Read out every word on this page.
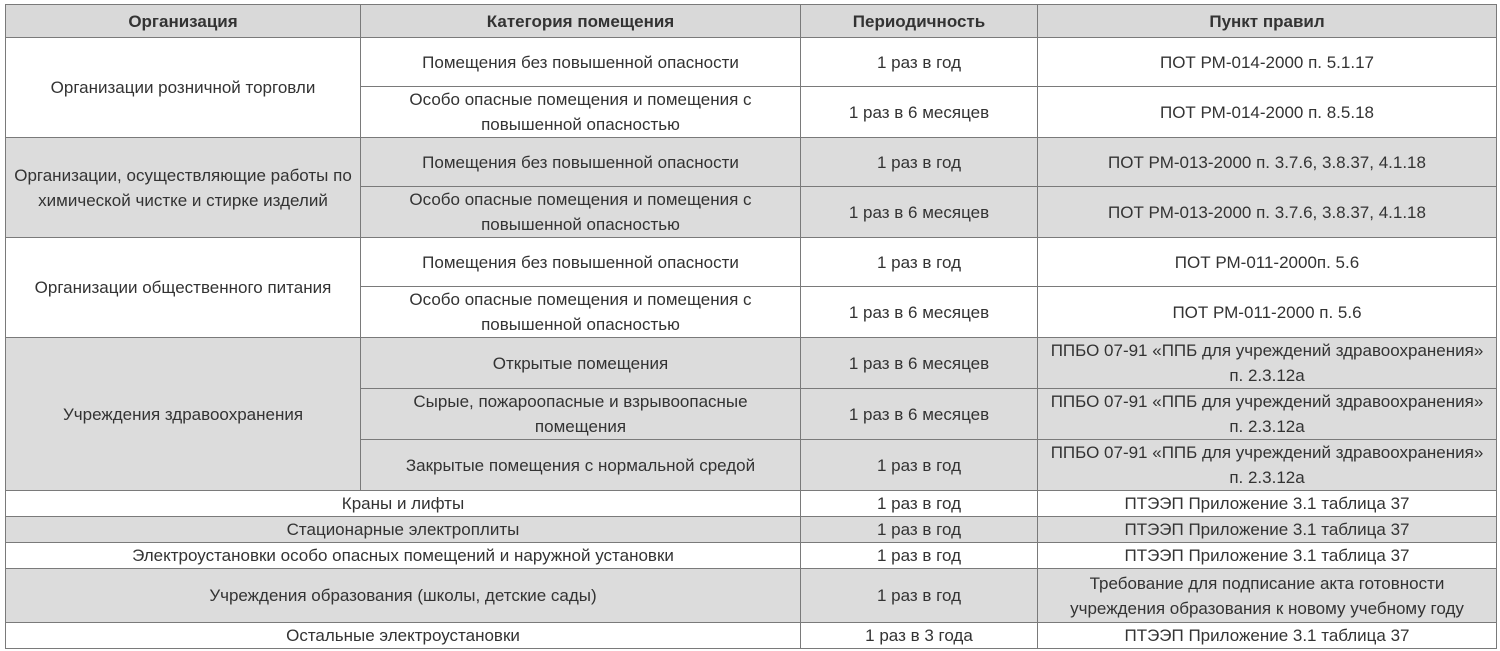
Организация	Категория помещения	Периодичность	Пункт правил
Организации розничной торговли	Помещения без повышенной опасности	1 раз в год	ПОТ РМ-014-2000 п. 5.1.17
	Особо опасные помещения и помещения с повышенной опасностью	1 раз в 6 месяцев	ПОТ РМ-014-2000 п. 8.5.18
Организации, осуществляющие работы по химической чистке и стирке изделий	Помещения без повышенной опасности	1 раз в год	ПОТ РМ-013-2000 п. 3.7.6, 3.8.37, 4.1.18
	Особо опасные помещения и помещения с повышенной опасностью	1 раз в 6 месяцев	ПОТ РМ-013-2000 п. 3.7.6, 3.8.37, 4.1.18
Организации общественного питания	Помещения без повышенной опасности	1 раз в год	ПОТ РМ-011-2000п. 5.6
	Особо опасные помещения и помещения с повышенной опасностью	1 раз в 6 месяцев	ПОТ РМ-011-2000 п. 5.6
Учреждения здравоохранения	Открытые помещения	1 раз в 6 месяцев	ППБО 07-91 «ППБ для учреждений здравоохранения» п. 2.3.12а
	Сырые, пожароопасные и взрывоопасные помещения	1 раз в 6 месяцев	ППБО 07-91 «ППБ для учреждений здравоохранения» п. 2.3.12а
	Закрытые помещения с нормальной средой	1 раз в год	ППБО 07-91 «ППБ для учреждений здравоохранения» п. 2.3.12а
Краны и лифты		1 раз в год	ПТЭЭП Приложение 3.1 таблица 37
Стационарные электроплиты		1 раз в год	ПТЭЭП Приложение 3.1 таблица 37
Электроустановки особо опасных помещений и наружной установки		1 раз в год	ПТЭЭП Приложение 3.1 таблица 37
Учреждения образования (школы, детские сады)		1 раз в год	Требование для подписание акта готовности учреждения образования к новому учебному году
Остальные электроустановки		1 раз в 3 года	ПТЭЭП Приложение 3.1 таблица 37
